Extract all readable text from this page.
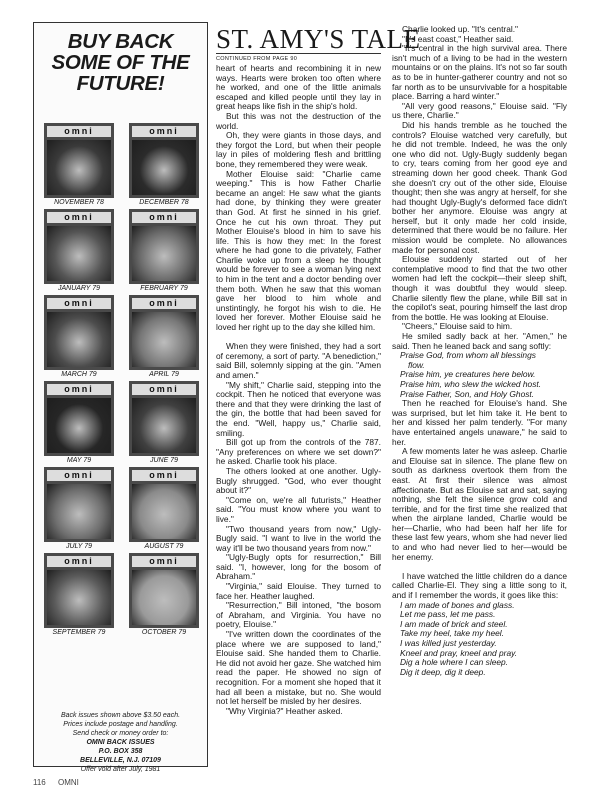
BUY BACK
SOME OF THE
FUTURE!
omni
NOVEMBER 78
omni
DECEMBER 78
omni
JANUARY 79
omni
FEBRUARY 79
omni
MARCH 79
omni
APRIL 79
omni
MAY 79
omni
JUNE 79
omni
JULY 79
omni
AUGUST 79
omni
SEPTEMBER 79
omni
OCTOBER 79
Back issues shown above $3.50 each.
Prices include postage and handling.
Send check or money order to:
OMNI BACK ISSUES
P.O. BOX 358
BELLEVILLE, N.J. 07109
Offer void after July, 1981
ST. AMY'S TALE
CONTINUED FROM PAGE 90

heart of hearts and recombining it in new ways. Hearts were broken too often where he worked, and one of the little animals escaped and killed people until they lay in great heaps like fish in the ship's hold.

But this was not the destruction of the world.

Oh, they were giants in those days, and they forgot the Lord, but when their people lay in piles of moldering flesh and brittling bone, they remembered they were weak.

Mother Elouise said: "Charlie came weeping." This is how Father Charlie became an angel: He saw what the giants had done, by thinking they were greater than God. At first he sinned in his grief. Once he cut his own throat. They put Mother Elouise's blood in him to save his life. This is how they met: In the forest where he had gone to die privately, Father Charlie woke up from a sleep he thought would be forever to see a woman lying next to him in the tent and a doctor bending over them both. When he saw that this woman gave her blood to him whole and unstintingly, he forgot his wish to die. He loved her forever. Mother Elouise said he loved her right up to the day she killed him.

When they were finished, they had a sort of ceremony, a sort of party. "A benediction," said Bill, solemnly sipping at the gin. "Amen and amen."

"My shift," Charlie said, stepping into the cockpit. Then he noticed that everyone was there and that they were drinking the last of the gin, the bottle that had been saved for the end. "Well, happy us," Charlie said, smiling.

Bill got up from the controls of the 787. "Any preferences on where we set down?" he asked. Charlie took his place.

The others looked at one another. Ugly-Bugly shrugged. "God, who ever thought about it?"

"Come on, we're all futurists," Heather said. "You must know where you want to live."

"Two thousand years from now," Ugly-Bugly said. "I want to live in the world the way it'll be two thousand years from now."

"Ugly-Bugly opts for resurrection," Bill said. "I, however, long for the bosom of Abraham."

"Virginia," said Elouise. They turned to face her. Heather laughed.

"Resurrection," Bill intoned, "the bosom of Abraham, and Virginia. You have no poetry, Elouise."

"I've written down the coordinates of the place where we are supposed to land," Elouise said. She handed them to Charlie. He did not avoid her gaze. She watched him read the paper. He showed no sign of recognition. For a moment she hoped that it had all been a mistake, but no. She would not let herself be misled by her desires.

"Why Virginia?" Heather asked.

Charlie looked up. "It's central."

"It's east coast," Heather said.

"It's central in the high survival area. There isn't much of a living to be had in the western mountains or on the plains. It's not so far south as to be in hunter-gatherer country and not so far north as to be unsurvivable for a hospitable place. Barring a hard winter."

"All very good reasons," Elouise said. "Fly us there, Charlie."

Did his hands tremble as he touched the controls? Elouise watched very carefully, but he did not tremble. Indeed, he was the only one who did not. Ugly-Bugly suddenly began to cry, tears coming from her good eye and streaming down her good cheek. Thank God she doesn't cry out of the other side, Elouise thought; then she was angry at herself, for she had thought Ugly-Bugly's deformed face didn't bother her anymore. Elouise was angry at herself, but it only made her cold inside, determined that there would be no failure. Her mission would be complete. No allowances made for personal cost.

Elouise suddenly started out of her contemplative mood to find that the two other women had left the cockpit—their sleep shift, though it was doubtful they would sleep. Charlie silently flew the plane, while Bill sat in the copilot's seat, pouring himself the last drop from the bottle. He was looking at Elouise.

"Cheers," Elouise said to him.

He smiled sadly back at her. "Amen," he said. Then he leaned back and sang softly:

Praise God, from whom all blessings

flow.

Praise him, ye creatures here below.

Praise him, who slew the wicked host.

Praise Father, Son, and Holy Ghost.

Then he reached for Elouise's hand. She was surprised, but let him take it. He bent to her and kissed her palm tenderly. "For many have entertained angels unaware," he said to her.

A few moments later he was asleep. Charlie and Elouise sat in silence. The plane flew on south as darkness overtook them from the east. At first their silence was almost affectionate. But as Elouise sat and sat, saying nothing, she felt the silence grow cold and terrible, and for the first time she realized that when the airplane landed, Charlie would be her—Charlie, who had been half her life for these last few years, whom she had never lied to and who had never lied to her—would be her enemy.

I have watched the little children do a dance called Charlie-El. They sing a little song to it, and if I remember the words, it goes like this:

I am made of bones and glass.

Let me pass, let me pass.

I am made of brick and steel.

Take my heel, take my heel.

I was killed just yesterday.

Kneel and pray, kneel and pray.

Dig a hole where I can sleep.

Dig it deep, dig it deep.

116 OMNI
